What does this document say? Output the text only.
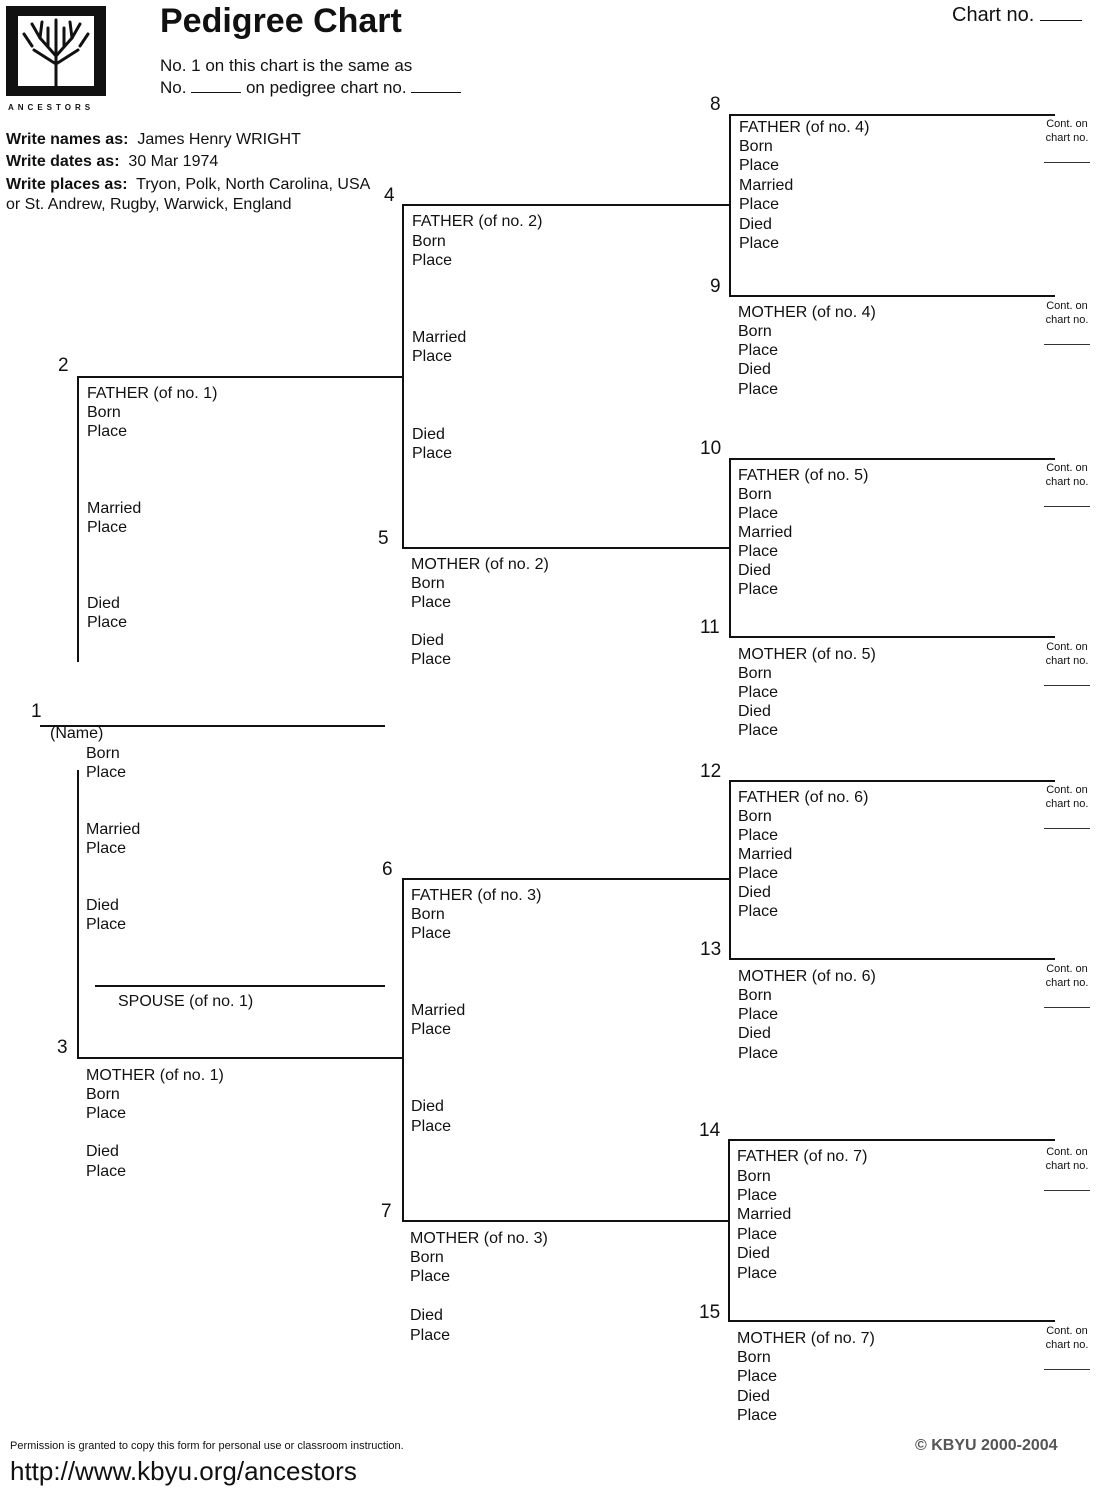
ANCESTORS
Pedigree Chart	Chart no.
No. 1 on this chart is the same as
No.	on pedigree chart no.
Write names as: James Henry WRIGHT
Write dates as: 30 Mar 1974
Write places as: Tryon, Polk, North Carolina, USA
or St. Andrew, Rugby, Warwick, England
1
2
3
4
5
6
7
8
9
10
11
12
13
14
15
(Name)
Born
Place
Married
Place
Died
Place
SPOUSE (of no. 1)
FATHER (of no. 1)
Born
Place
Married
Place
Died
Place
MOTHER (of no. 1)
Born
Place
Died
Place
FATHER (of no. 2)
Born
Place
Married
Place
Died
Place
MOTHER (of no. 2)
Born
Place
Died
Place
FATHER (of no. 3)
Born
Place
Married
Place
Died
Place
MOTHER (of no. 3)
Born
Place
Died
Place
FATHER (of no. 4)
Born
Place
Married
Place
Died
Place
Cont. on
chart no.
MOTHER (of no. 4)
Born
Place
Died
Place
Cont. on
chart no.
FATHER (of no. 5)
Born
Place
Married
Place
Died
Place
Cont. on
chart no.
MOTHER (of no. 5)
Born
Place
Died
Place
Cont. on
chart no.
FATHER (of no. 6)
Born
Place
Married
Place
Died
Place
Cont. on
chart no.
MOTHER (of no. 6)
Born
Place
Died
Place
Cont. on
chart no.
FATHER (of no. 7)
Born
Place
Married
Place
Died
Place
Cont. on
chart no.
MOTHER (of no. 7)
Born
Place
Died
Place
Cont. on
chart no.
Permission is granted to copy this form for personal use or classroom instruction.
http://www.kbyu.org/ancestors
© KBYU 2000-2004
